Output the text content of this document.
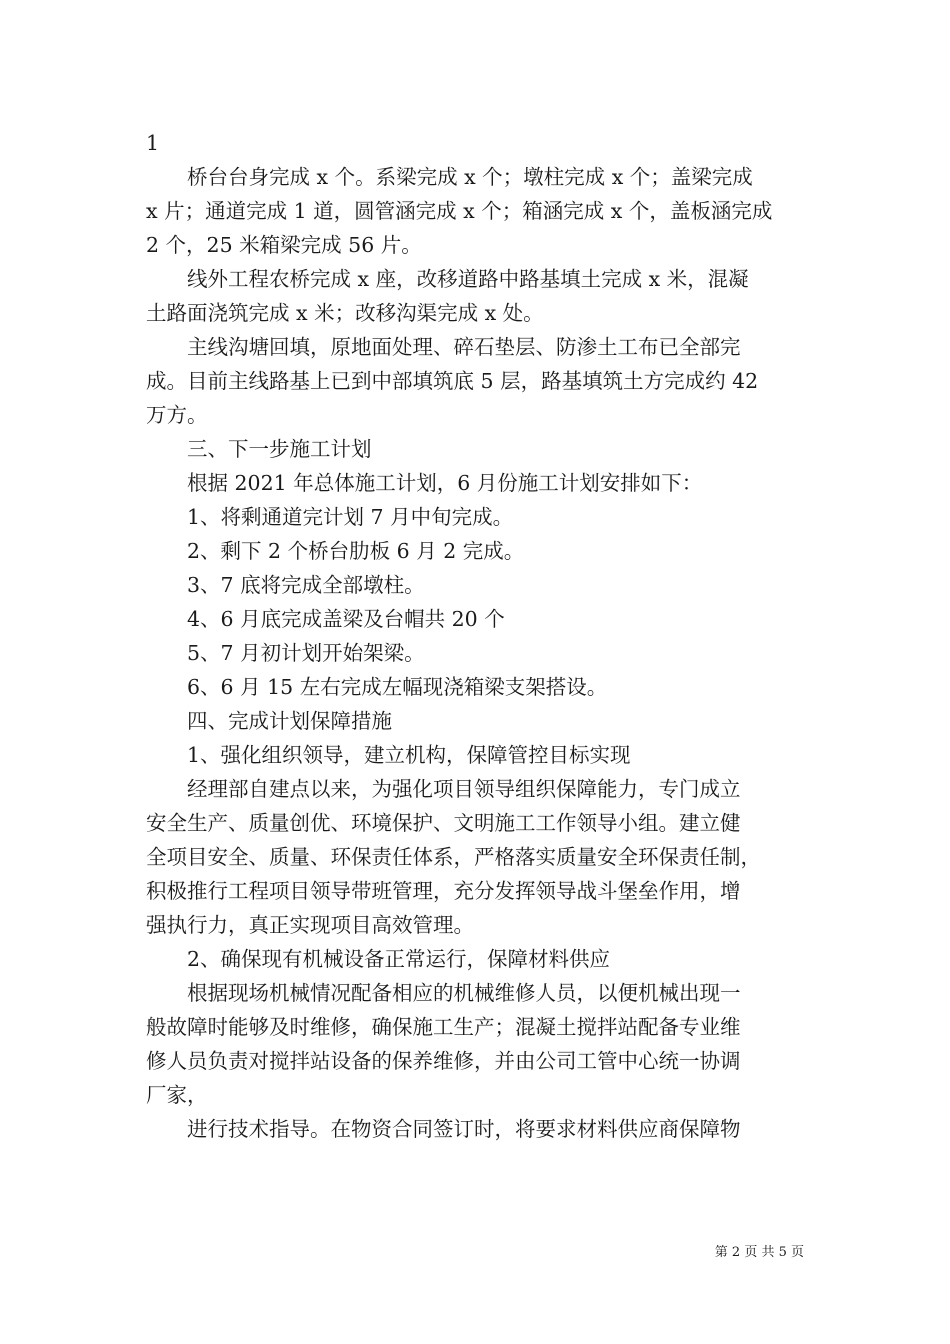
1

桥台台身完成 x 个。系梁完成 x 个；墩柱完成 x 个；盖梁完成
x 片；通道完成 1 道，圆管涵完成 x 个；箱涵完成 x 个，盖板涵完成
2 个，25 米箱梁完成 56 片。

线外工程农桥完成 x 座，改移道路中路基填土完成 x 米，混凝
土路面浇筑完成 x 米；改移沟渠完成 x 处。

主线沟塘回填，原地面处理、碎石垫层、防渗土工布已全部完
成。目前主线路基上已到中部填筑底 5 层，路基填筑土方完成约 42
万方。

三、下一步施工计划

根据 2021 年总体施工计划，6 月份施工计划安排如下：

1、将剩通道完计划 7 月中旬完成。

2、剩下 2 个桥台肋板 6 月 2 完成。

3、7 底将完成全部墩柱。

4、6 月底完成盖梁及台帽共 20 个

5、7 月初计划开始架梁。

6、6 月 15 左右完成左幅现浇箱梁支架搭设。

四、完成计划保障措施

1、强化组织领导，建立机构，保障管控目标实现

经理部自建点以来，为强化项目领导组织保障能力，专门成立
安全生产、质量创优、环境保护、文明施工工作领导小组。建立健
全项目安全、质量、环保责任体系，严格落实质量安全环保责任制，
积极推行工程项目领导带班管理，充分发挥领导战斗堡垒作用，增
强执行力，真正实现项目高效管理。

2、确保现有机械设备正常运行，保障材料供应

根据现场机械情况配备相应的机械维修人员，以便机械出现一
般故障时能够及时维修，确保施工生产；混凝土搅拌站配备专业维
修人员负责对搅拌站设备的保养维修，并由公司工管中心统一协调
厂家，

进行技术指导。在物资合同签订时，将要求材料供应商保障物

第 2 页 共 5 页
